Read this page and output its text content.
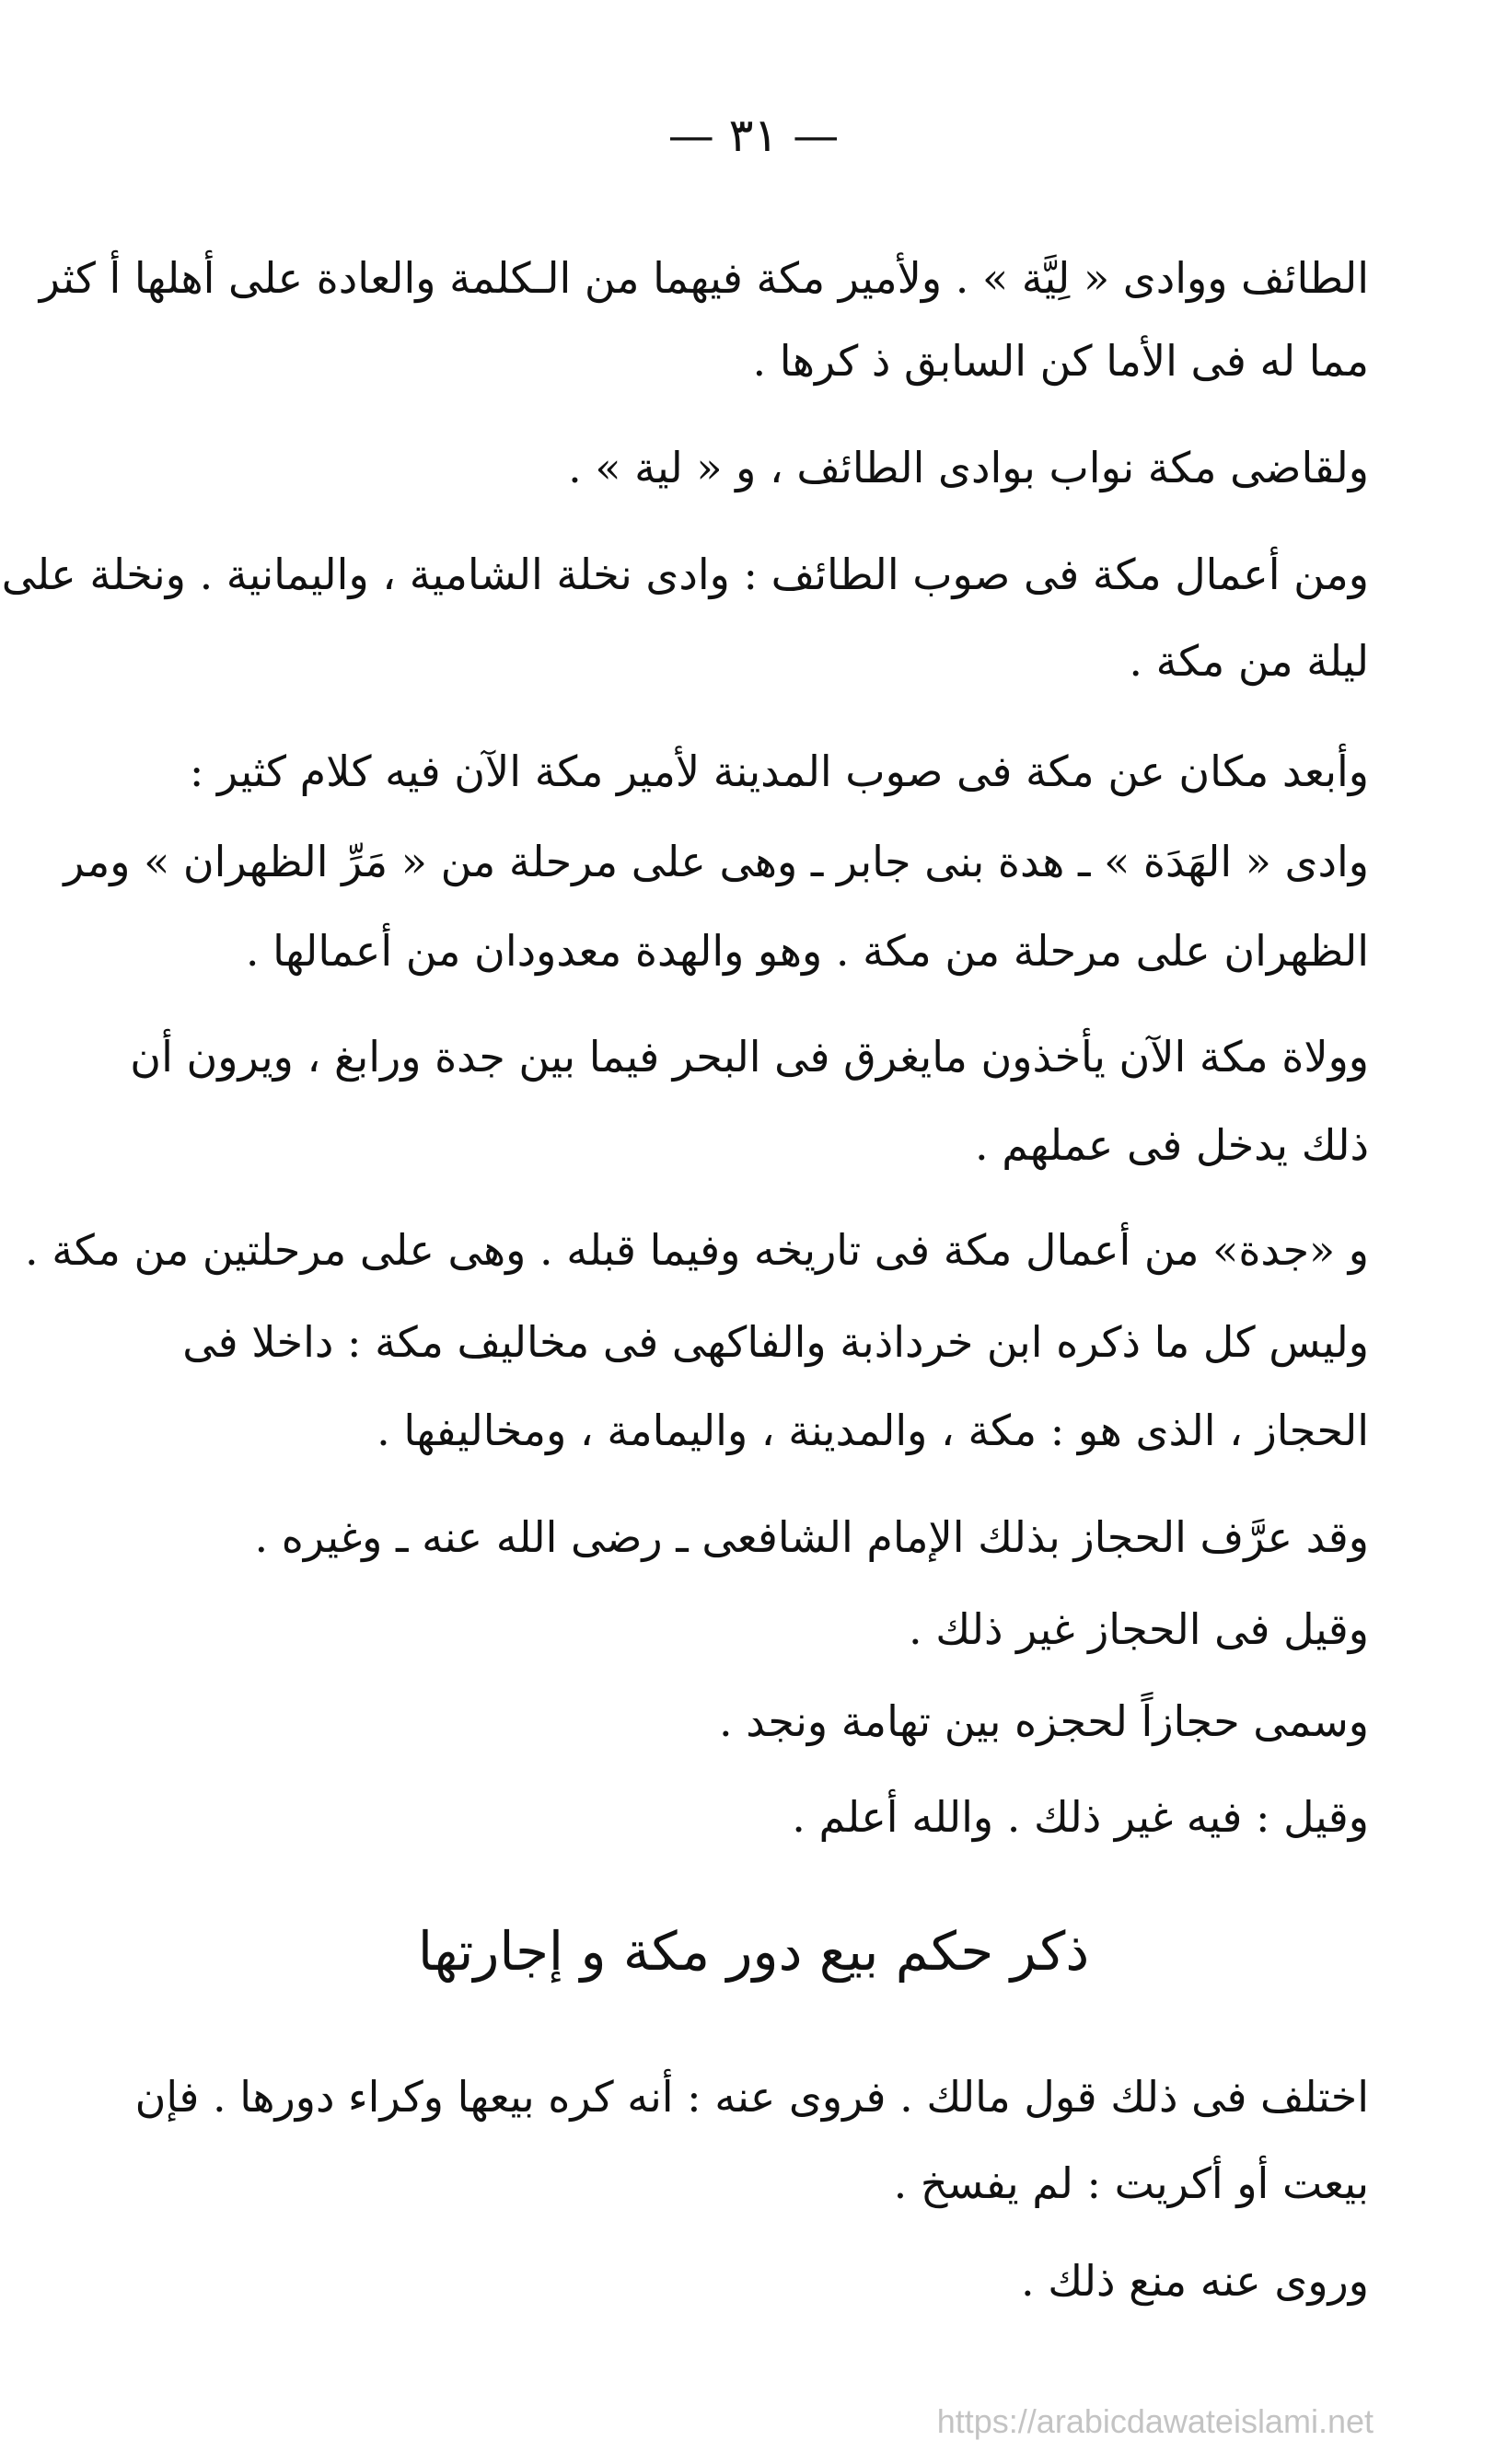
— ٣١ —
الطائف ووادى « لِيَّة » . ولأمير مكة فيهما من الـكلمة والعادة على أهلها أ كثر
مما له فى الأما كن السابق ذ كرها .
ولقاضى مكة نواب بوادى الطائف ، و « لية » .
ومن أعمال مكة فى صوب الطائف : وادى نخلة الشامية ، واليمانية . ونخلة على
ليلة من مكة .
وأبعد مكان عن مكة فى صوب المدينة لأمير مكة الآن فيه كلام كثير :
وادى « الهَدَة » ـ هدة بنى جابر ـ وهى على مرحلة من « مَرِّ الظهران » ومر
الظهران على مرحلة من مكة . وهو والهدة معدودان من أعمالها .
وولاة مكة الآن يأخذون مايغرق فى البحر فيما بين جدة ورابغ ، ويرون أن
ذلك يدخل فى عملهم .
و «جدة» من أعمال مكة فى تاريخه وفيما قبله . وهى على مرحلتين من مكة .
وليس كل ما ذكره ابن خرداذبة والفاكهى فى مخاليف مكة : داخلا فى
الحجاز ، الذى هو : مكة ، والمدينة ، واليمامة ، ومخاليفها .
وقد عرَّف الحجاز بذلك الإمام الشافعى ـ رضى الله عنه ـ وغيره .
وقيل فى الحجاز غير ذلك .
وسمى حجازاً لحجزه بين تهامة ونجد .
وقيل : فيه غير ذلك . والله أعلم .
ذكر حكم بيع دور مكة و إجارتها
اختلف فى ذلك قول مالك . فروى عنه : أنه كره بيعها وكراء دورها . فإن
بيعت أو أكريت : لم يفسخ .
وروى عنه منع ذلك .
https://arabicdawateislami.net
